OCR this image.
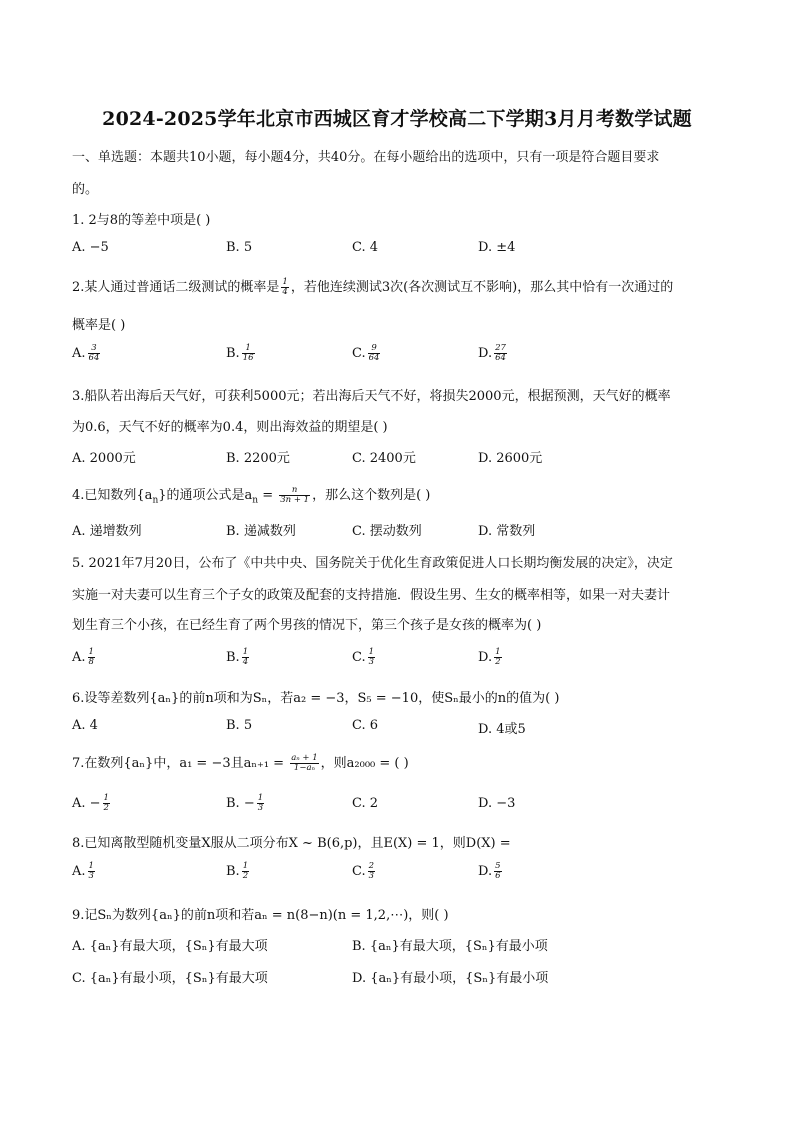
2024-2025学年北京市西城区育才学校高二下学期3月月考数学试题
一、单选题：本题共10小题，每小题4分，共40分。在每小题给出的选项中，只有一项是符合题目要求
的。
1. 2与8的等差中项是( )
A. −5	B. 5	C. 4	D. ±4
2.某人通过普通话二级测试的概率是 $\frac{1}{4}$ ，若他连续测试3次(各次测试互不影响)，那么其中恰有一次通过的
概率是( )
A. $\frac{3}{64}$	B. $\frac{1}{16}$	C. $\frac{9}{64}$	D. $\frac{27}{64}$
3.船队若出海后天气好，可获利5000元；若出海后天气不好，将损失2000元，根据预测，天气好的概率
为0.6，天气不好的概率为0.4，则出海效益的期望是( )
A. 2000元	B. 2200元	C. 2400元	D. 2600元
4.已知数列$\{a_n\}$的通项公式是$a_n = \frac{n}{3n + 1}$ ，那么这个数列是( )
A. 递增数列	B. 递减数列	C. 摆动数列	D. 常数列
5. 2021年7月20日，公布了《中共中央、国务院关于优化生育政策促进人口长期均衡发展的决定》，决定
实施一对夫妻可以生育三个子女的政策及配套的支持措施．假设生男、生女的概率相等，如果一对夫妻计
划生育三个小孩，在已经生育了两个男孩的情况下，第三个孩子是女孩的概率为( )
A. $\frac{1}{8}$	B. $\frac{1}{4}$	C. $\frac{1}{3}$	D. $\frac{1}{2}$
6.设等差数列{aₙ}的前n项和为Sₙ，若a₂ = −3，S₅ = −10，使Sₙ最小的n的值为( )
A. 4	B. 5	C. 6	D. 4或5
7.在数列{aₙ}中，a₁ = −3且$a_{n+1} = \frac{\text{aₙ + 1}}{\text{1−aₙ}}$ ，则a₂₀₀₀ = ( )
A. − $\frac{1}{2}$	B. − $\frac{1}{3}$	C. 2	D. −3
8.已知离散型随机变量X服从二项分布X ~ B(6,p)，且E(X) = 1，则D(X) =
A. $\frac{1}{3}$	B. $\frac{1}{2}$	C. $\frac{2}{3}$	D. $\frac{5}{6}$
9.记Sₙ为数列{aₙ}的前n项和若aₙ = n(8−n)(n = 1,2,⋯)，则( )
A. {aₙ}有最大项，{Sₙ}有最大项	B. {aₙ}有最大项，{Sₙ}有最小项
C. {aₙ}有最小项，{Sₙ}有最大项	D. {aₙ}有最小项，{Sₙ}有最小项
